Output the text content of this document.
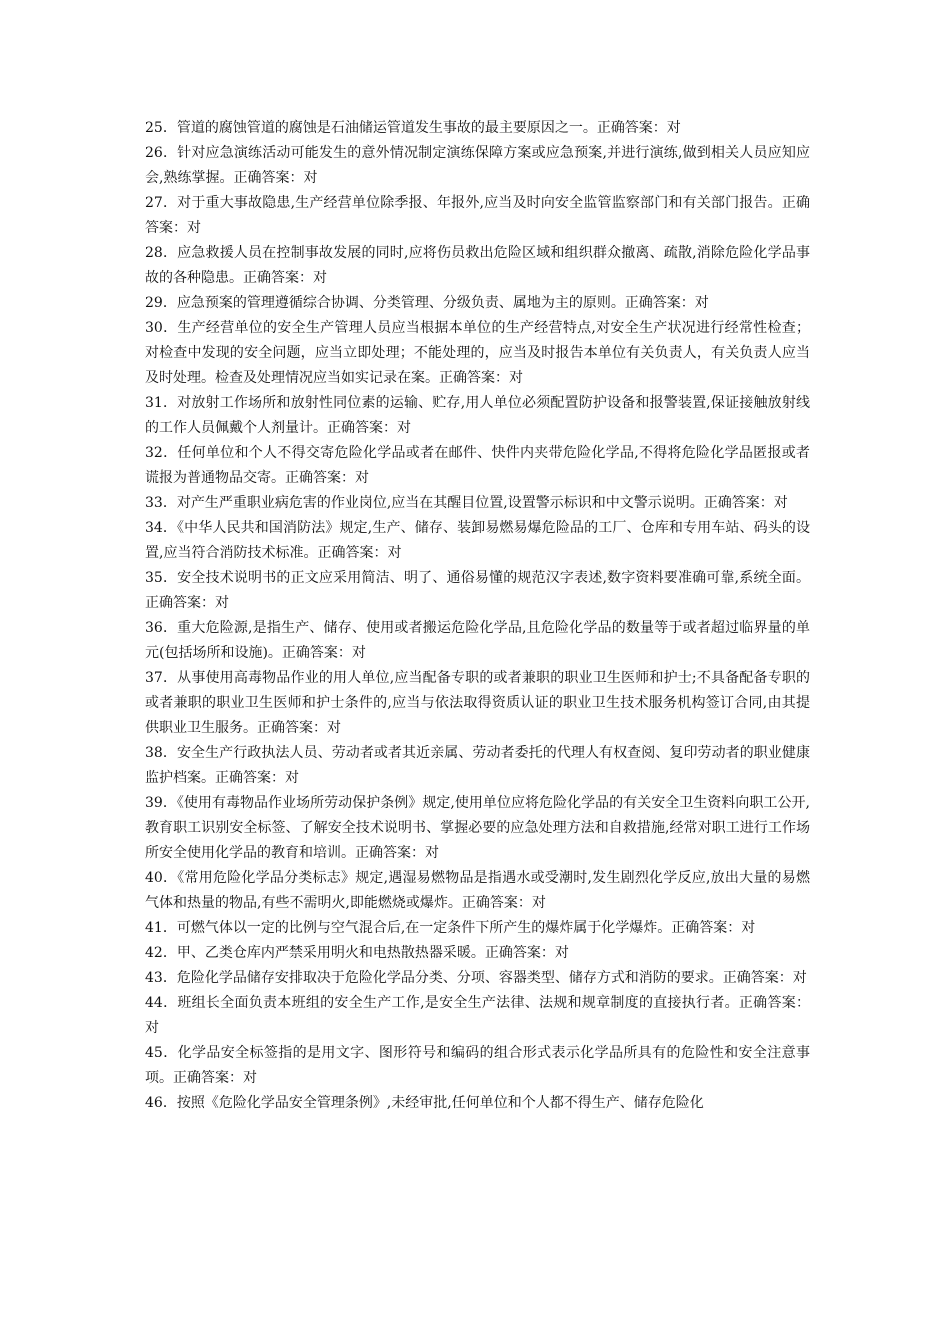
25．管道的腐蚀管道的腐蚀是石油储运管道发生事故的最主要原因之一。正确答案：对

26．针对应急演练活动可能发生的意外情况制定演练保障方案或应急预案,并进行演练,做到相关人员应知应会,熟练掌握。正确答案：对

27．对于重大事故隐患,生产经营单位除季报、年报外,应当及时向安全监管监察部门和有关部门报告。正确答案：对

28．应急救援人员在控制事故发展的同时,应将伤员救出危险区域和组织群众撤离、疏散,消除危险化学品事故的各种隐患。正确答案：对

29．应急预案的管理遵循综合协调、分类管理、分级负责、属地为主的原则。正确答案：对

30．生产经营单位的安全生产管理人员应当根据本单位的生产经营特点,对安全生产状况进行经常性检查；对检查中发现的安全问题，应当立即处理；不能处理的，应当及时报告本单位有关负责人，有关负责人应当及时处理。检查及处理情况应当如实记录在案。正确答案：对

31．对放射工作场所和放射性同位素的运输、贮存,用人单位必须配置防护设备和报警装置,保证接触放射线的工作人员佩戴个人剂量计。正确答案：对

32．任何单位和个人不得交寄危险化学品或者在邮件、快件内夹带危险化学品,不得将危险化学品匿报或者谎报为普通物品交寄。正确答案：对

33．对产生严重职业病危害的作业岗位,应当在其醒目位置,设置警示标识和中文警示说明。正确答案：对

34．《中华人民共和国消防法》规定,生产、储存、装卸易燃易爆危险品的工厂、仓库和专用车站、码头的设置,应当符合消防技术标准。正确答案：对

35．安全技术说明书的正文应采用简洁、明了、通俗易懂的规范汉字表述,数字资料要准确可靠,系统全面。正确答案：对

36．重大危险源,是指生产、储存、使用或者搬运危险化学品,且危险化学品的数量等于或者超过临界量的单元(包括场所和设施)。正确答案：对

37．从事使用高毒物品作业的用人单位,应当配备专职的或者兼职的职业卫生医师和护士;不具备配备专职的或者兼职的职业卫生医师和护士条件的,应当与依法取得资质认证的职业卫生技术服务机构签订合同,由其提供职业卫生服务。正确答案：对

38．安全生产行政执法人员、劳动者或者其近亲属、劳动者委托的代理人有权查阅、复印劳动者的职业健康监护档案。正确答案：对

39．《使用有毒物品作业场所劳动保护条例》规定,使用单位应将危险化学品的有关安全卫生资料向职工公开,教育职工识别安全标签、了解安全技术说明书、掌握必要的应急处理方法和自救措施,经常对职工进行工作场所安全使用化学品的教育和培训。正确答案：对

40．《常用危险化学品分类标志》规定,遇湿易燃物品是指遇水或受潮时,发生剧烈化学反应,放出大量的易燃气体和热量的物品,有些不需明火,即能燃烧或爆炸。正确答案：对

41．可燃气体以一定的比例与空气混合后,在一定条件下所产生的爆炸属于化学爆炸。正确答案：对

42．甲、乙类仓库内严禁采用明火和电热散热器采暖。正确答案：对

43．危险化学品储存安排取决于危险化学品分类、分项、容器类型、储存方式和消防的要求。正确答案：对

44．班组长全面负责本班组的安全生产工作,是安全生产法律、法规和规章制度的直接执行者。正确答案：对

45．化学品安全标签指的是用文字、图形符号和编码的组合形式表示化学品所具有的危险性和安全注意事项。正确答案：对

46．按照《危险化学品安全管理条例》,未经审批,任何单位和个人都不得生产、储存危险化
